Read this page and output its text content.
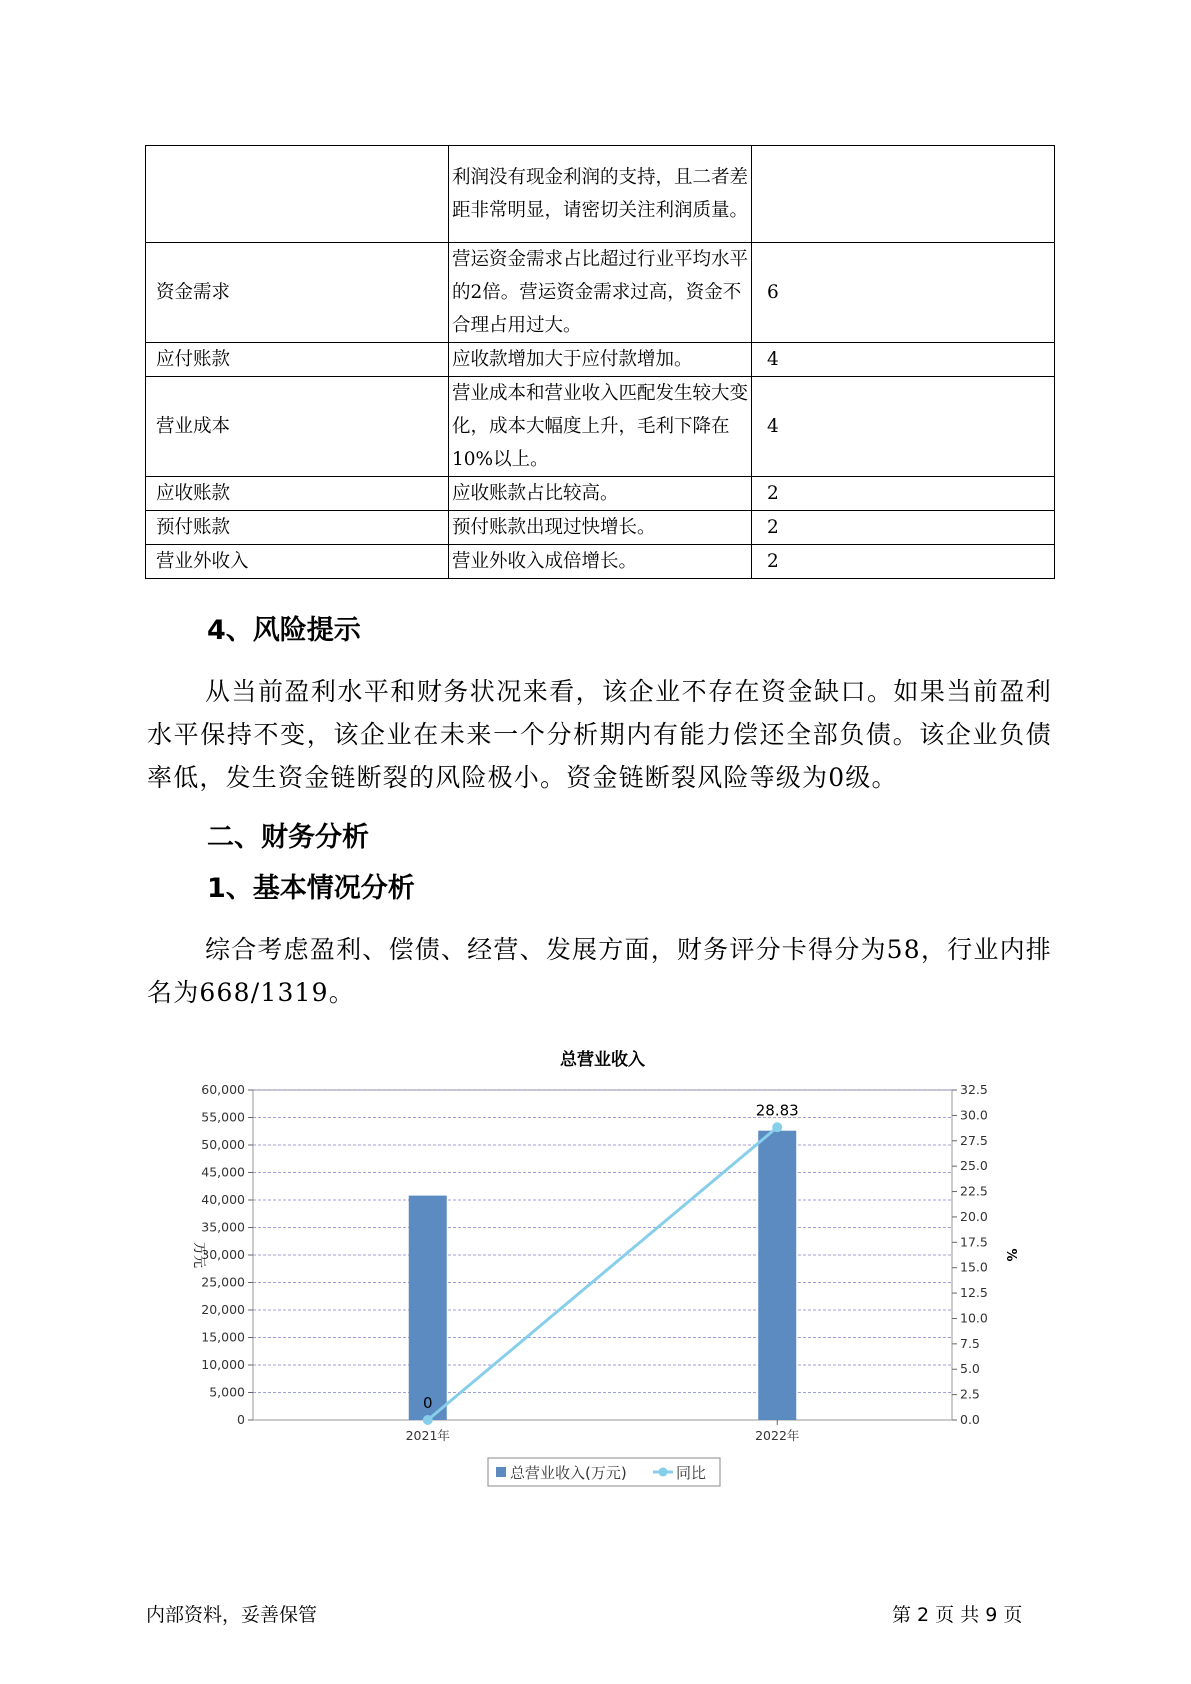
	利润没有现金利润的支持，且二者差距非常明显，请密切关注利润质量。	
资金需求	营运资金需求占比超过行业平均水平的2倍。营运资金需求过高，资金不合理占用过大。	6
应付账款	应收款增加大于应付款增加。	4
营业成本	营业成本和营业收入匹配发生较大变化，成本大幅度上升，毛利下降在10%以上。	4
应收账款	应收账款占比较高。	2
预付账款	预付账款出现过快增长。	2
营业外收入	营业外收入成倍增长。	2
4、风险提示
从当前盈利水平和财务状况来看，该企业不存在资金缺口。如果当前盈利水平保持不变，该企业在未来一个分析期内有能力偿还全部负债。该企业负债率低，发生资金链断裂的风险极小。资金链断裂风险等级为0级。
二、财务分析
1、基本情况分析
综合考虑盈利、偿债、经营、发展方面，财务评分卡得分为58，行业内排名为668/1319。
总营业收入
0
5,000
10,000
15,000
20,000
25,000
30,000
35,000
40,000
45,000
50,000
55,000
60,000
0.0
2.5
5.0
7.5
10.0
12.5
15.0
17.5
20.0
22.5
25.0
27.5
30.0
32.5
万元	%
2021年	2022年
0
28.83
总营业收入(万元)	同比
内部资料，妥善保管	第 2 页 共 9 页
